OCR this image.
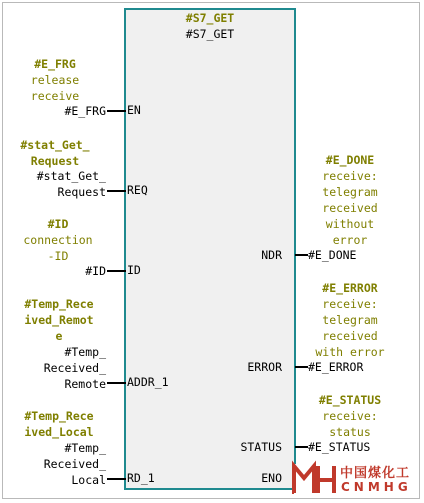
#S7_GET
#S7_GET
#E_FRG
release
receive
#E_FRG EN
#stat_Get_
Request
#stat_Get_
Request REQ
#ID
connection
-ID
#ID ID
#Temp_Rece
ived_Remot
e
#Temp_
Received_
Remote ADDR_1
#Temp_Rece
ived_Local
#Temp_
Received_
Local RD_1
#E_DONE
receive:
telegram
received
without
error
NDR #E_DONE
#E_ERROR
receive:
telegram
received
with error
ERROR #E_ERROR
#E_STATUS
receive:
status
STATUS #E_STATUS
ENO	中国煤化工
CNMHG
